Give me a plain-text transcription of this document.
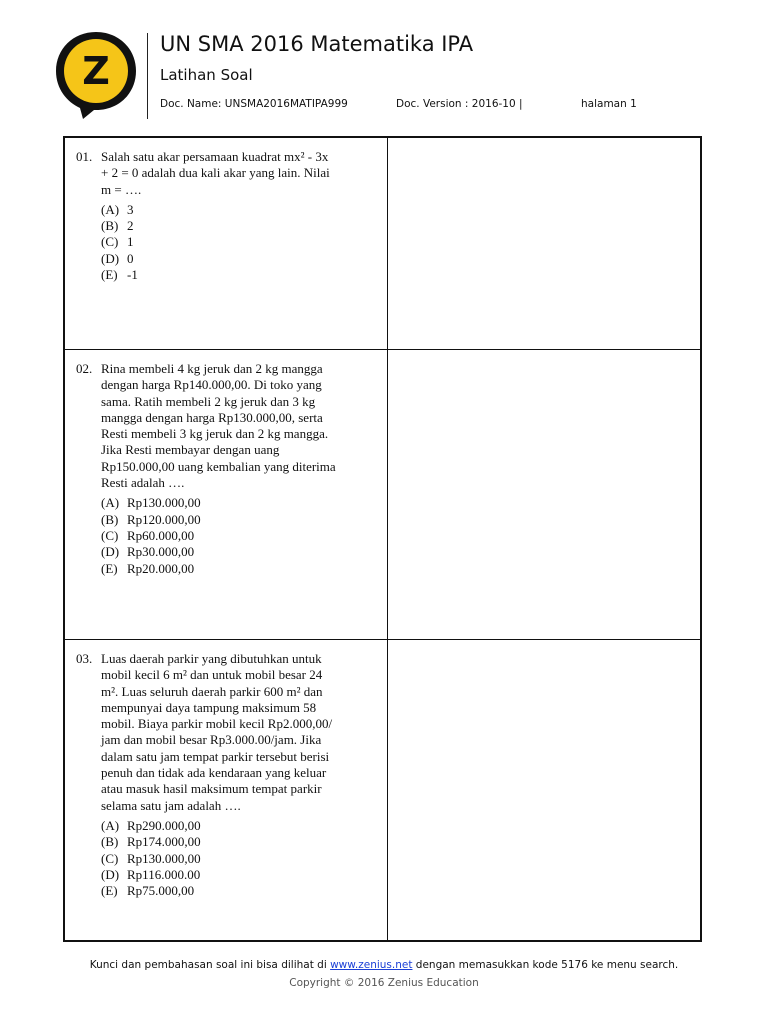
Z
UN SMA 2016 Matematika IPA
Latihan Soal
Doc. Name: UNSMA2016MATIPA999	Doc. Version : 2016-10 |	halaman 1
01. Salah satu akar persamaan kuadrat mx² - 3x
+ 2 = 0 adalah dua kali akar yang lain. Nilai
m = ….
(A) 3
(B) 2
(C) 1
(D) 0
(E) -1
02. Rina membeli 4 kg jeruk dan 2 kg mangga
dengan harga Rp140.000,00. Di toko yang
sama. Ratih membeli 2 kg jeruk dan 3 kg
mangga dengan harga Rp130.000,00, serta
Resti membeli 3 kg jeruk dan 2 kg mangga.
Jika Resti membayar dengan uang
Rp150.000,00 uang kembalian yang diterima
Resti adalah ….
(A) Rp130.000,00
(B) Rp120.000,00
(C) Rp60.000,00
(D) Rp30.000,00
(E) Rp20.000,00
03. Luas daerah parkir yang dibutuhkan untuk
mobil kecil 6 m² dan untuk mobil besar 24
m². Luas seluruh daerah parkir 600 m² dan
mempunyai daya tampung maksimum 58
mobil. Biaya parkir mobil kecil Rp2.000,00/
jam dan mobil besar Rp3.000.00/jam. Jika
dalam satu jam tempat parkir tersebut berisi
penuh dan tidak ada kendaraan yang keluar
atau masuk hasil maksimum tempat parkir
selama satu jam adalah ….
(A) Rp290.000,00
(B) Rp174.000,00
(C) Rp130.000,00
(D) Rp116.000.00
(E) Rp75.000,00
Kunci dan pembahasan soal ini bisa dilihat di www.zenius.net dengan memasukkan kode 5176 ke menu search.
Copyright © 2016 Zenius Education
